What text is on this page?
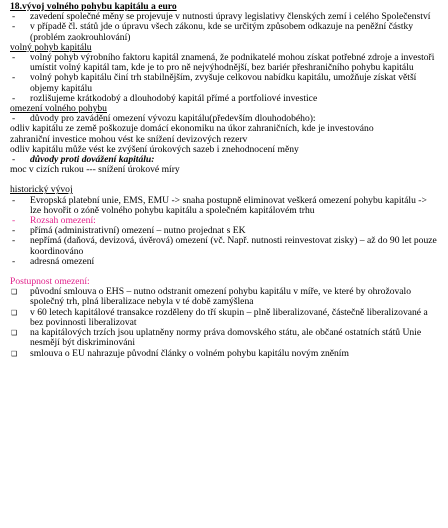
18.vývoj volného pohybu kapitálu a euro
- zavedení společné měny se projevuje v nutnosti úpravy legislativy členských zemí i celého Společenství
- v případě čl. států jde o úpravu všech zákonu, kde se určitým způsobem odkazuje na peněžní částky (problém zaokrouhlování)
volný pohyb kapitálu
- volný pohyb výrobního faktoru kapitál znamená, že podnikatelé mohou získat potřebné zdroje a investoři umístit volný kapitál tam, kde je to pro ně nejvýhodnější, bez bariér přeshraničního pohybu kapitálu
- volný pohyb kapitálu činí trh stabilnějším, zvyšuje celkovou nabídku kapitálu, umožňuje získat větší objemy kapitálu
- rozlišujeme krátkodobý a dlouhodobý kapitál přímé a portfoliové investice
omezení volného pohybu
- důvody pro zavádění omezení vývozu kapitálu(především dlouhodobého):
odliv kapitálu ze země poškozuje domácí ekonomiku na úkor zahraničních, kde je investováno
zahraniční investice mohou vést ke snížení devizových rezerv
odliv kapitálu může vést ke zvýšení úrokových sazeb i znehodnocení měny
- důvody proti dovážení kapitálu:
moc v cizích rukou --- snížení úrokové míry
historický vývoj
- Evropská platební unie, EMS, EMU -> snaha postupně eliminovat veškerá omezení pohybu kapitálu -> lze hovořit o zóně volného pohybu kapitálu a společném kapitálovém trhu
- Rozsah omezení:
- přímá (administrativní) omezení – nutno projednat s EK
- nepřímá (daňová, devizová, úvěrová) omezení (vč. Např. nutnosti reinvestovat zisky) – až do 90 let pouze koordinováno
- adresná omezení
Postupnost omezení:
❑ původní smlouva o EHS – nutno odstranit omezení pohybu kapitálu v míře, ve které by ohrožovalo společný trh, plná liberalizace nebyla v té době zamýšlena
❑ v 60 letech kapitálové transakce rozděleny do tří skupin – plně liberalizované, částečně liberalizované a bez povinnosti liberalizovat
❑ na kapitálových trzích jsou uplatněny normy práva domovského státu, ale občané ostatních států Unie nesmějí být diskriminováni
❑ smlouva o EU nahrazuje původní články o volném pohybu kapitálu novým zněním
